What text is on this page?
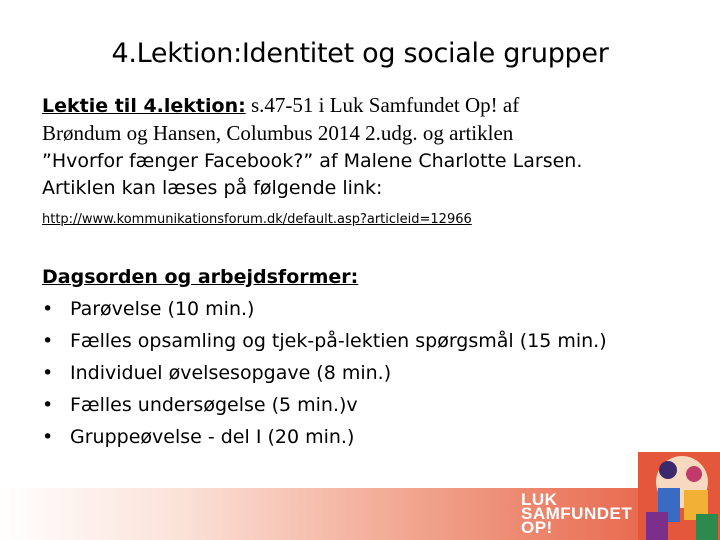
4.Lektion:Identitet og sociale grupper

Lektie til 4.lektion: s.47-51 i Luk Samfundet Op! af
Brøndum og Hansen, Columbus 2014 2.udg. og artiklen
”Hvorfor fænger Facebook?” af Malene Charlotte Larsen.
Artiklen kan læses på følgende link:

http://www.kommunikationsforum.dk/default.asp?articleid=12966
Dagsorden og arbejdsformer:
• Parøvelse (10 min.)
• Fælles opsamling og tjek-på-lektien spørgsmål (15 min.)
• Individuel øvelsesopgave (8 min.)
• Fælles undersøgelse (5 min.)v
• Gruppeøvelse - del I (20 min.)
LUK
SAMFUNDET
OP!
